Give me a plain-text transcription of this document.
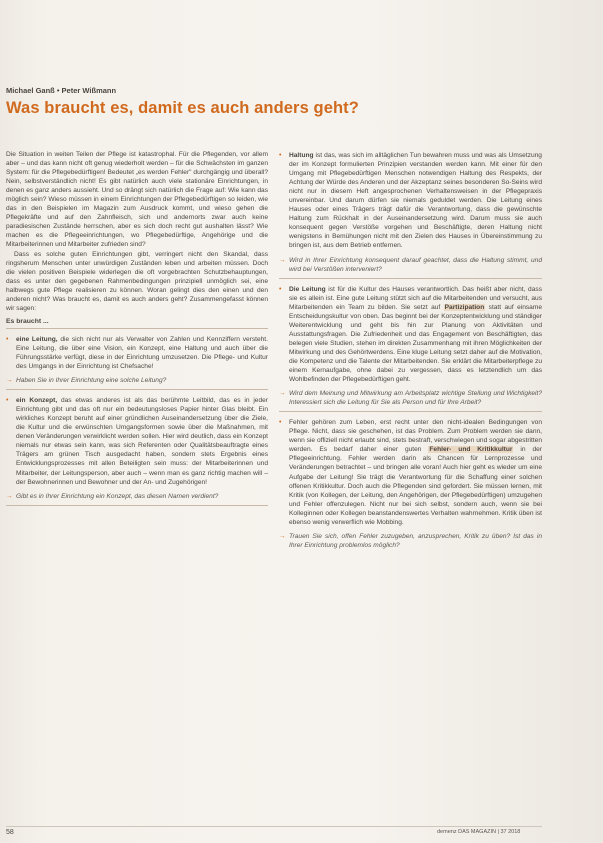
Michael Ganß • Peter Wißmann
Was braucht es, damit es auch anders geht?

Die Situation in weiten Teilen der Pflege ist katastrophal. Für die Pflegenden, vor allem aber – und das kann nicht oft genug wiederholt werden – für die Schwächsten im ganzen System: für die Pflegebedürftigen! Bedeutet „es werden Fehler" durchgängig und überall? Nein, selbstverständlich nicht! Es gibt natürlich auch viele stationäre Einrichtungen, in denen es ganz anders aussieht. Und so drängt sich natürlich die Frage auf: Wie kann das möglich sein? Wieso müssen in einem Einrichtungen der Pflegebedürftigen so leiden, wie das in den Beispielen im Magazin zum Ausdruck kommt, und wieso gehen die Pflegekräfte und auf den Zahnfleisch, sich und andernorts zwar auch keine paradiesischen Zustände herrschen, aber es sich doch recht gut aushalten lässt? Wie machen es die Pflegeeinrichtungen, wo Pflegebedürftige, Angehörige und die Mitarbeiterinnen und Mitarbeiter zufrieden sind?

Dass es solche guten Einrichtungen gibt, verringert nicht den Skandal, dass ringsherum Menschen unter unwürdigen Zuständen leben und arbeiten müssen. Doch die vielen positiven Beispiele widerlegen die oft vorgebrachten Schutzbehauptungen, dass es unter den gegebenen Rahmenbedingungen prinzipiell unmöglich sei, eine halbwegs gute Pflege realisieren zu können. Woran gelingt dies den einen und den anderen nicht? Was braucht es, damit es auch anders geht? Zusammengefasst können wir sagen:

Es braucht ...
• eine Leitung, die sich nicht nur als Verwalter von Zahlen und Kennziffern versteht. Eine Leitung, die über eine Vision, ein Konzept, eine Haltung und auch über die Führungsstärke verfügt, diese in der Einrichtung umzusetzen. Die Pflege- und Kultur des Umgangs in der Einrichtung ist Chefsache!
→ Haben Sie in Ihrer Einrichtung eine solche Leitung?
• ein Konzept, das etwas anderes ist als das berühmte Leitbild, das es in jeder Einrichtung gibt und das oft nur ein bedeutungsloses Papier hinter Glas bleibt. Ein wirkliches Konzept beruht auf einer gründlichen Auseinandersetzung über die Ziele, die Kultur und die erwünschten Umgangsformen sowie über die Maßnahmen, mit denen Veränderungen verwirklicht werden sollen. Hier wird deutlich, dass ein Konzept niemals nur etwas sein kann, was sich Referenten oder Qualitätsbeauftragte eines Trägers am grünen Tisch ausgedacht haben, sondern stets Ergebnis eines Entwicklungsprozesses mit allen Beteiligten sein muss: der Mitarbeiterinnen und Mitarbeiter, der Leitungsperson, aber auch – wenn man es ganz richtig machen will – der Bewohnerinnen und Bewohner und der An- und Zugehörigen!
→ Gibt es in Ihrer Einrichtung ein Konzept, das diesen Namen verdient?
• Haltung ist das, was sich im alltäglichen Tun bewahren muss und was als Umsetzung der im Konzept formulierten Prinzipien verstanden werden kann. Mit einer für den Umgang mit Pflegebedürftigen Menschen notwendigen Haltung des Respekts, der Achtung der Würde des Anderen und der Akzeptanz seines besonderen So-Seins wird nicht nur in diesem Heft angesprochenen Verhaltensweisen in der Pflegepraxis unvereinbar. Und darum dürfen sie niemals geduldet werden. Die Leitung eines Hauses oder eines Trägers trägt dafür die Verantwortung, dass die gewünschte Haltung zum Rückhalt in der Auseinandersetzung wird. Darum muss sie auch konsequent gegen Verstöße vorgehen und Beschäftigte, deren Haltung nicht wenigstens in Bemühungen nicht mit den Zielen des Hauses in Übereinstimmung zu bringen ist, aus dem Betrieb entfernen.
→ Wird in Ihrer Einrichtung konsequent darauf geachtet, dass die Haltung stimmt, und wird bei Verstößen interveniert?
• Die Leitung ist für die Kultur des Hauses verantwortlich. Das heißt aber nicht, dass sie es allein ist. Eine gute Leitung stützt sich auf die Mitarbeitenden und versucht, aus Mitarbeitenden ein Team zu bilden. Sie setzt auf Partizipation statt auf einsame Entscheidungskultur von oben. Das beginnt bei der Konzeptentwicklung und ständiger Weiterentwicklung und geht bis hin zur Planung von Aktivitäten und Ausstattungsfragen. Die Zufriedenheit und das Engagement von Beschäftigten, das belegen viele Studien, stehen im direkten Zusammenhang mit ihren Möglichkeiten der Mitwirkung und des Gehörtwerdens. Eine kluge Leitung setzt daher auf die Motivation, die Kompetenz und die Talente der Mitarbeitenden. Sie erklärt die Mitarbeiterpflege zu einem Kernaufgabe, ohne dabei zu vergessen, dass es letztendlich um das Wohlbefinden der Pflegebedürftigen geht.
→ Wird dem Meinung und Mitwirkung am Arbeitsplatz wichtige Stellung und Wichtigkeit? Interessiert sich die Leitung für Sie als Person und für Ihre Arbeit?
• Fehler gehören zum Leben, erst recht unter den nicht-idealen Bedingungen von Pflege. Nicht, dass sie geschehen, ist das Problem. Zum Problem werden sie dann, wenn sie offiziell nicht erlaubt sind, stets bestraft, verschwiegen und sogar abgestritten werden. Es bedarf daher einer guten Fehler- und Kritikkultur in der Pflegeeinrichtung. Fehler werden darin als Chancen für Lernprozesse und Veränderungen betrachtet – und bringen alle voran! Auch hier geht es wieder um eine Aufgabe der Leitung! Sie trägt die Verantwortung für die Schaffung einer solchen offenen Kritikkultur. Doch auch die Pflegenden sind gefordert. Sie müssen lernen, mit Kritik (von Kollegen, der Leitung, den Angehörigen, der Pflegebedürftigen) umzugehen und Fehler offenzulegen. Nicht nur bei sich selbst, sondern auch, wenn sie bei Kolleginnen oder Kollegen beanstandenswertes Verhalten wahrnehmen. Kritik üben ist ebenso wenig verwerflich wie Mobbing.
→ Trauen Sie sich, offen Fehler zuzugeben, anzusprechen, Kritik zu üben? Ist das in Ihrer Einrichtung problemlos möglich?
58	demenz DAS MAGAZIN | 37 2018
